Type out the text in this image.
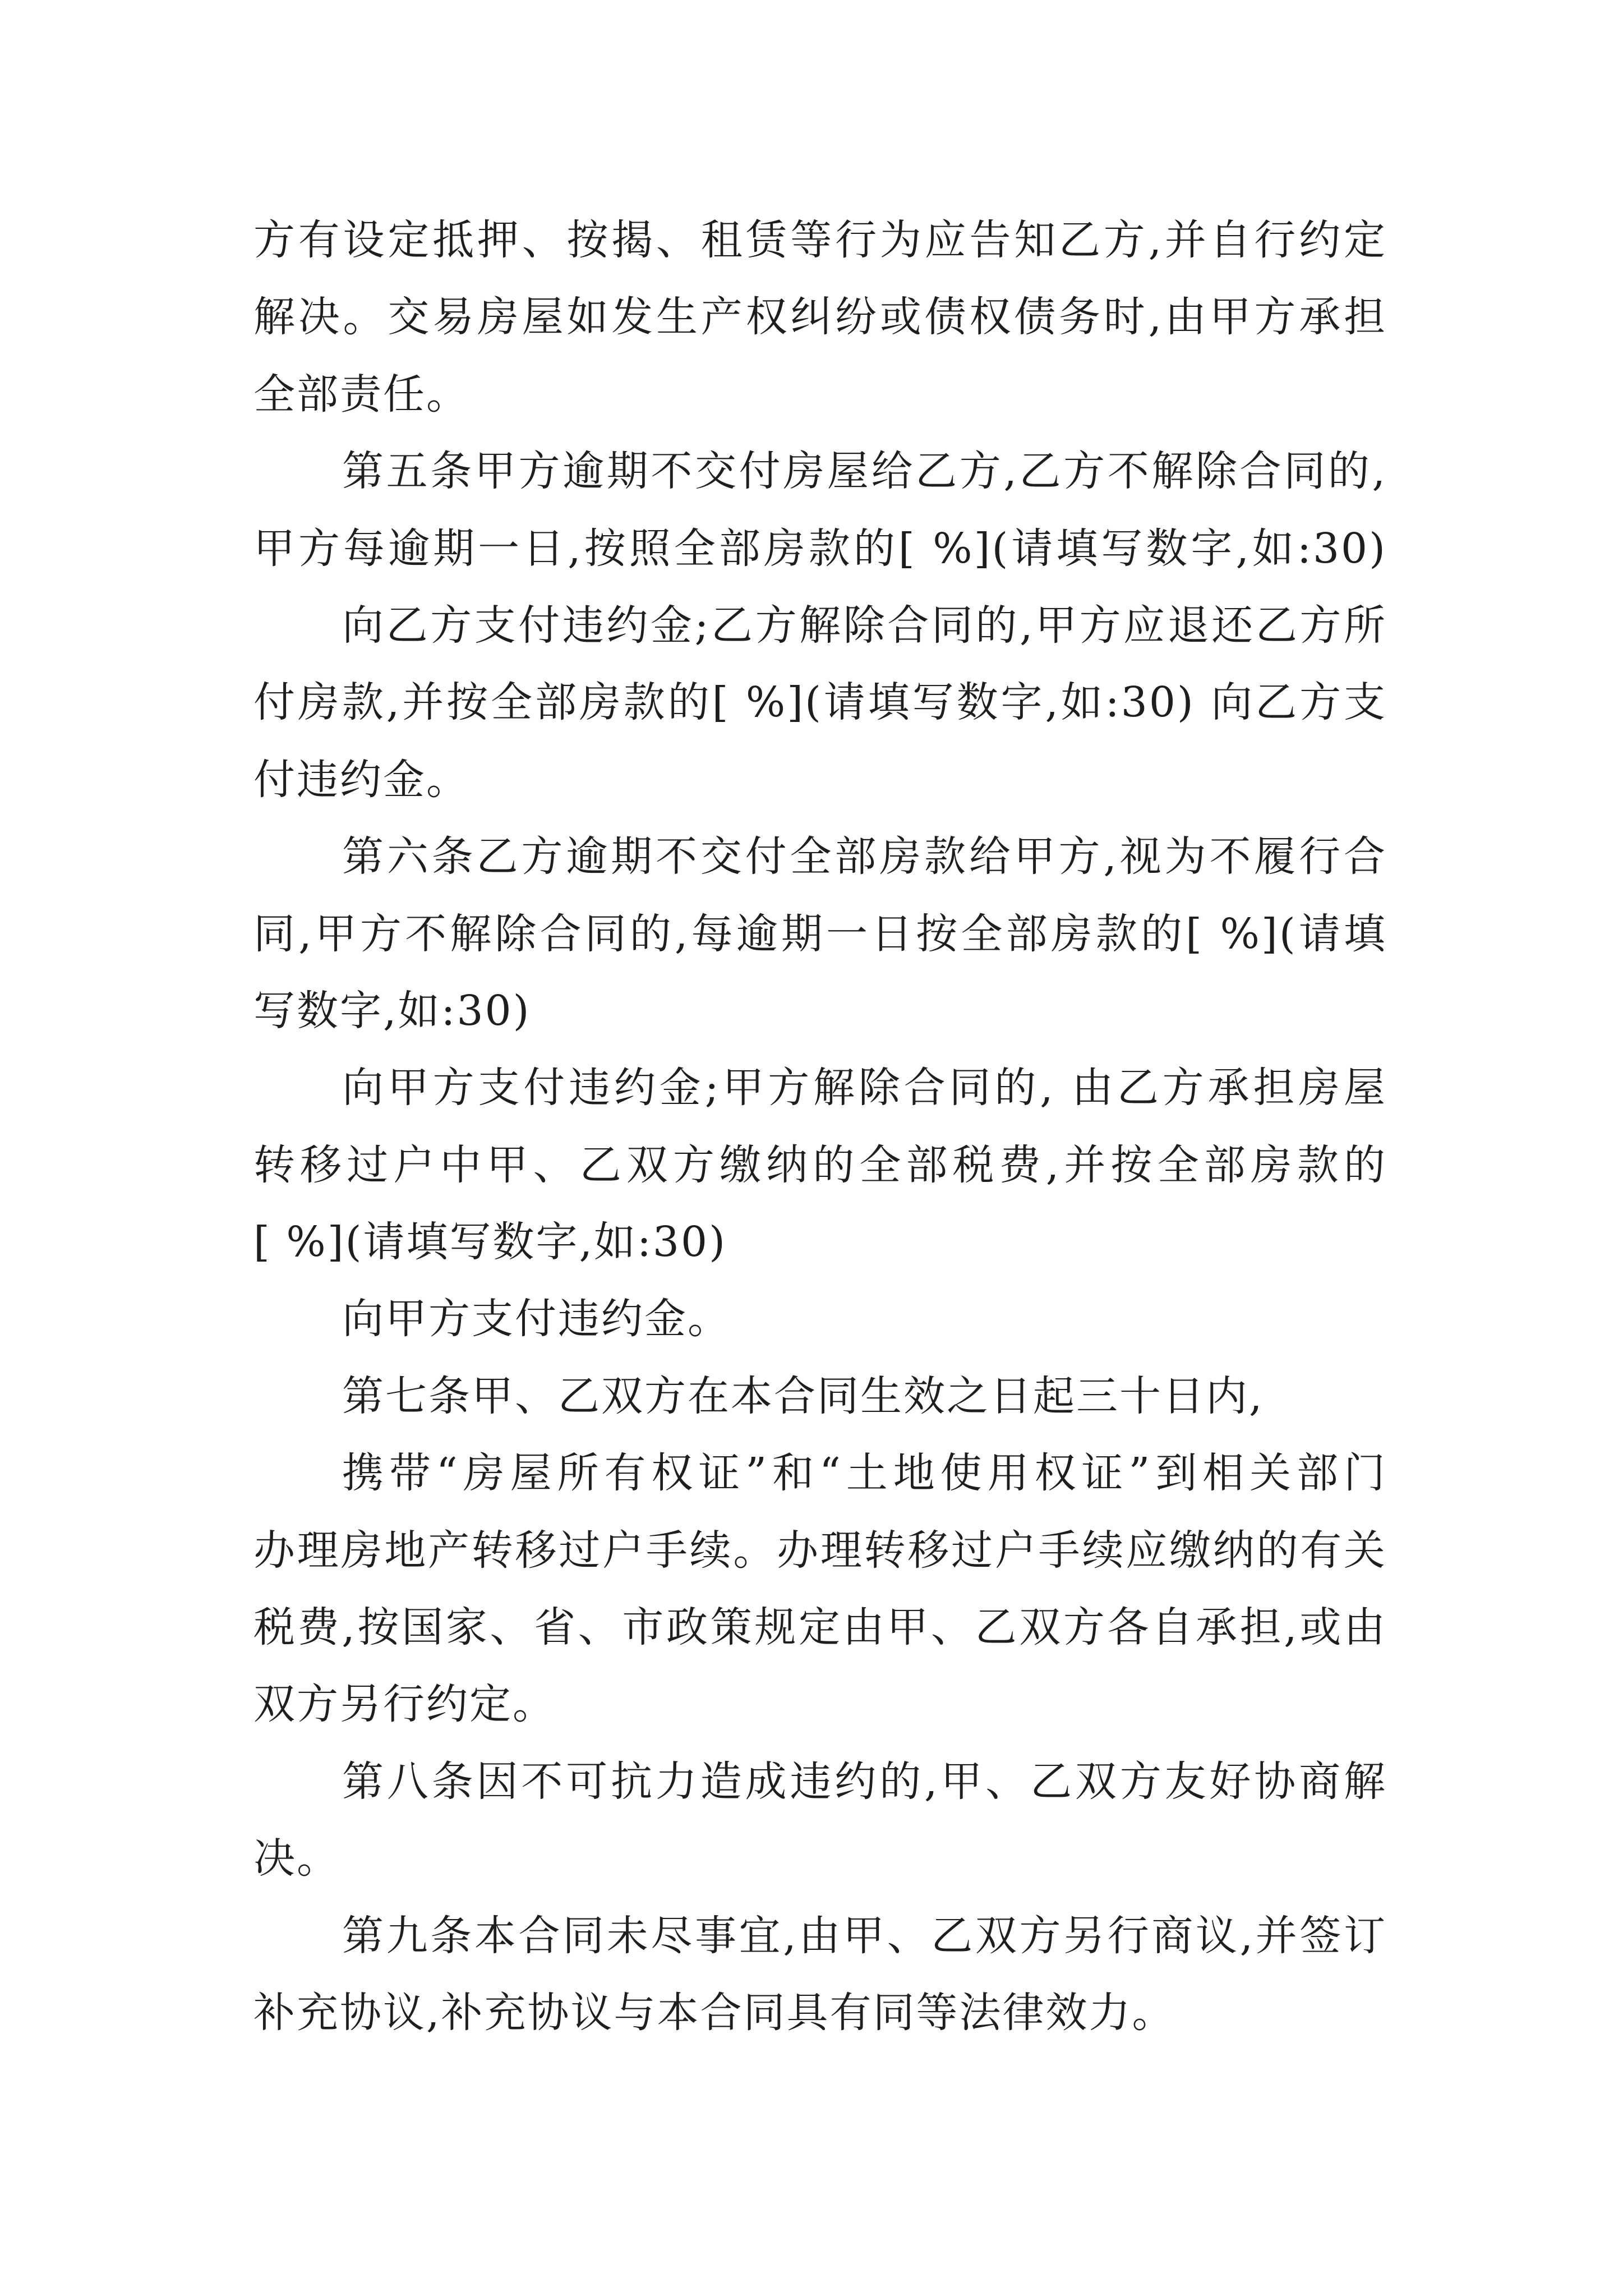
方有设定抵押、按揭、租赁等行为应告知乙方,并自行约定
解决。交易房屋如发生产权纠纷或债权债务时,由甲方承担
全部责任。
第五条甲方逾期不交付房屋给乙方,乙方不解除合同的,
甲方每逾期一日,按照全部房款的[ %](请填写数字,如:30)
向乙方支付违约金;乙方解除合同的,甲方应退还乙方所
付房款,并按全部房款的[ %](请填写数字,如:30) 向乙方支
付违约金。
第六条乙方逾期不交付全部房款给甲方,视为不履行合
同,甲方不解除合同的,每逾期一日按全部房款的[ %](请填
写数字,如:30)
向甲方支付违约金;甲方解除合同的, 由乙方承担房屋
转移过户中甲、乙双方缴纳的全部税费,并按全部房款的
[ %](请填写数字,如:30)
向甲方支付违约金。
第七条甲、乙双方在本合同生效之日起三十日内,
携带“房屋所有权证”和“土地使用权证”到相关部门
办理房地产转移过户手续。办理转移过户手续应缴纳的有关
税费,按国家、省、市政策规定由甲、乙双方各自承担,或由
双方另行约定。
第八条因不可抗力造成违约的,甲、乙双方友好协商解
决。
第九条本合同未尽事宜,由甲、乙双方另行商议,并签订
补充协议,补充协议与本合同具有同等法律效力。
